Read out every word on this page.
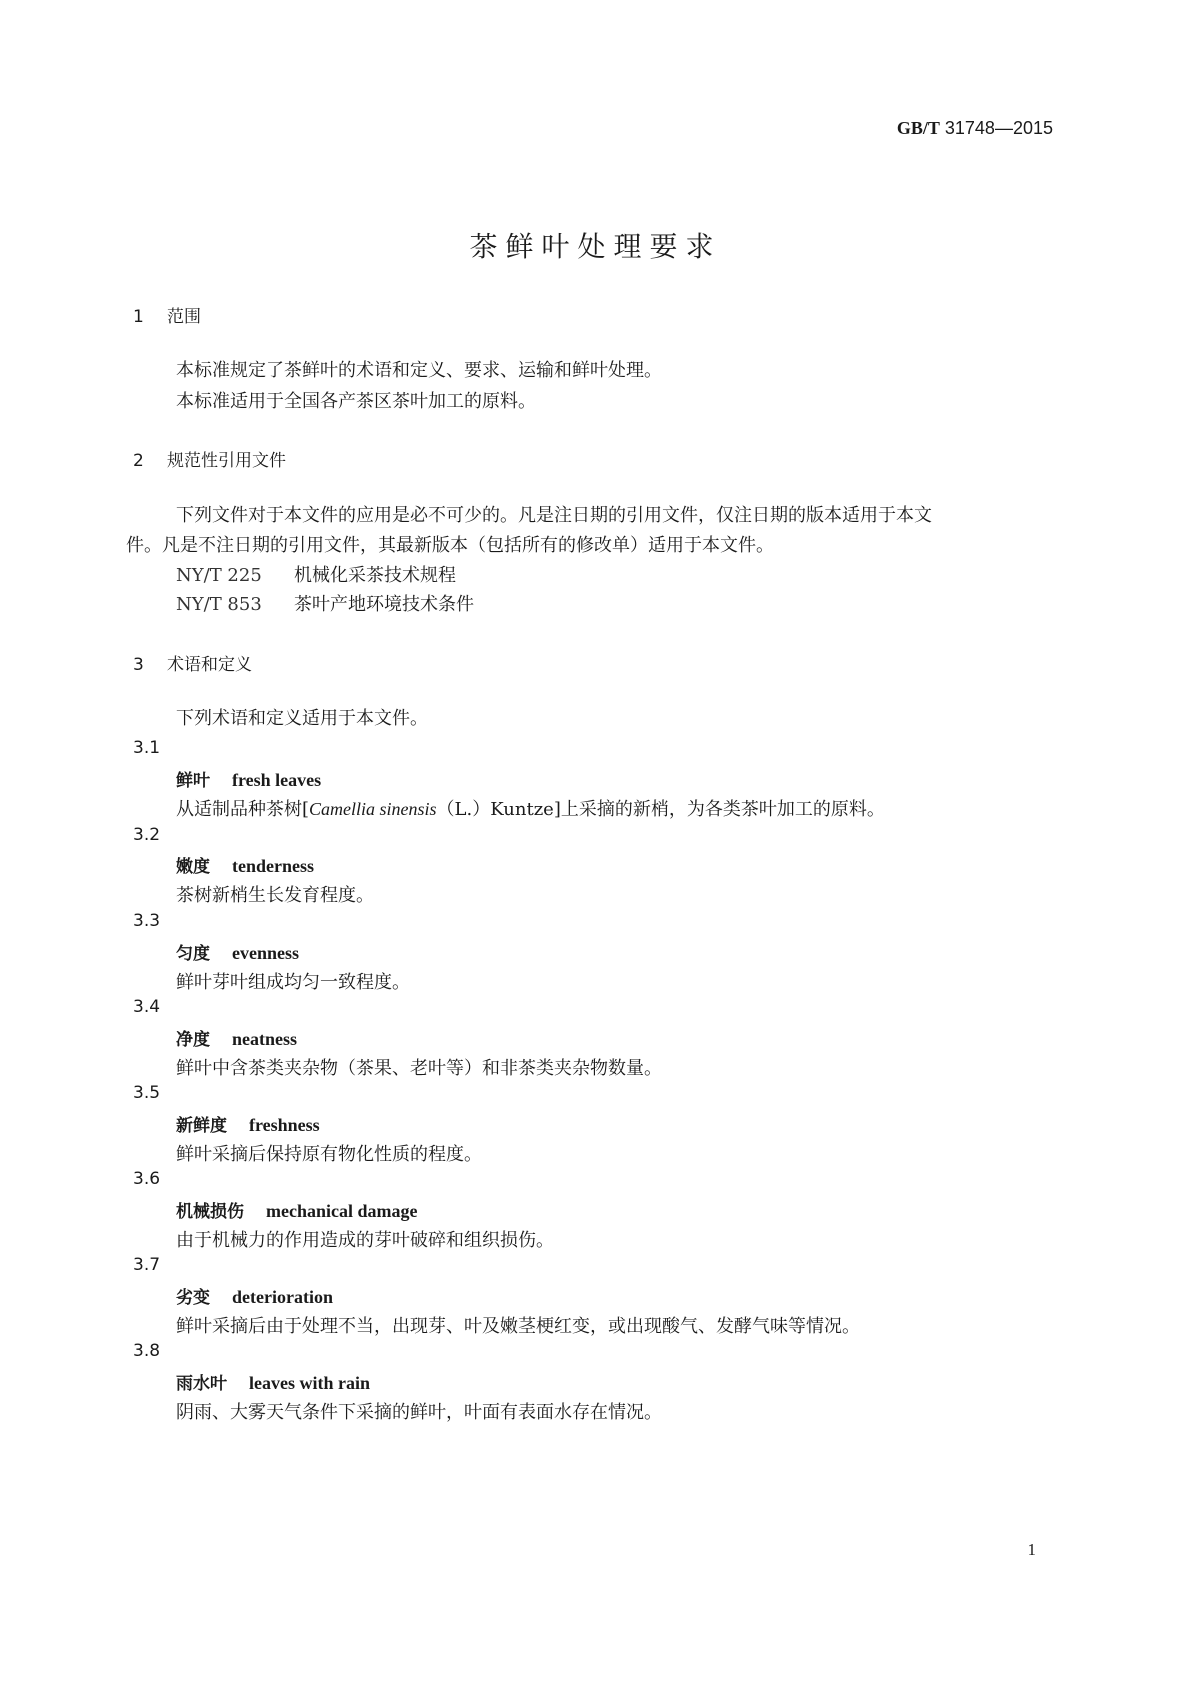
GB/T 31748—2015
茶鲜叶处理要求
1 范围
本标准规定了茶鲜叶的术语和定义、要求、运输和鲜叶处理。
本标准适用于全国各产茶区茶叶加工的原料。
2 规范性引用文件
下列文件对于本文件的应用是必不可少的。凡是注日期的引用文件，仅注日期的版本适用于本文
件。凡是不注日期的引用文件，其最新版本（包括所有的修改单）适用于本文件。
NY/T 225 机械化采茶技术规程
NY/T 853 茶叶产地环境技术条件
3 术语和定义
下列术语和定义适用于本文件。
3.1
鲜叶 fresh leaves
从适制品种茶树[Camellia sinensis（L.）Kuntze]上采摘的新梢，为各类茶叶加工的原料。
3.2
嫩度 tenderness
茶树新梢生长发育程度。
3.3
匀度 evenness
鲜叶芽叶组成均匀一致程度。
3.4
净度 neatness
鲜叶中含茶类夹杂物（茶果、老叶等）和非茶类夹杂物数量。
3.5
新鲜度 freshness
鲜叶采摘后保持原有物化性质的程度。
3.6
机械损伤 mechanical damage
由于机械力的作用造成的芽叶破碎和组织损伤。
3.7
劣变 deterioration
鲜叶采摘后由于处理不当，出现芽、叶及嫩茎梗红变，或出现酸气、发酵气味等情况。
3.8
雨水叶 leaves with rain
阴雨、大雾天气条件下采摘的鲜叶，叶面有表面水存在情况。
1
